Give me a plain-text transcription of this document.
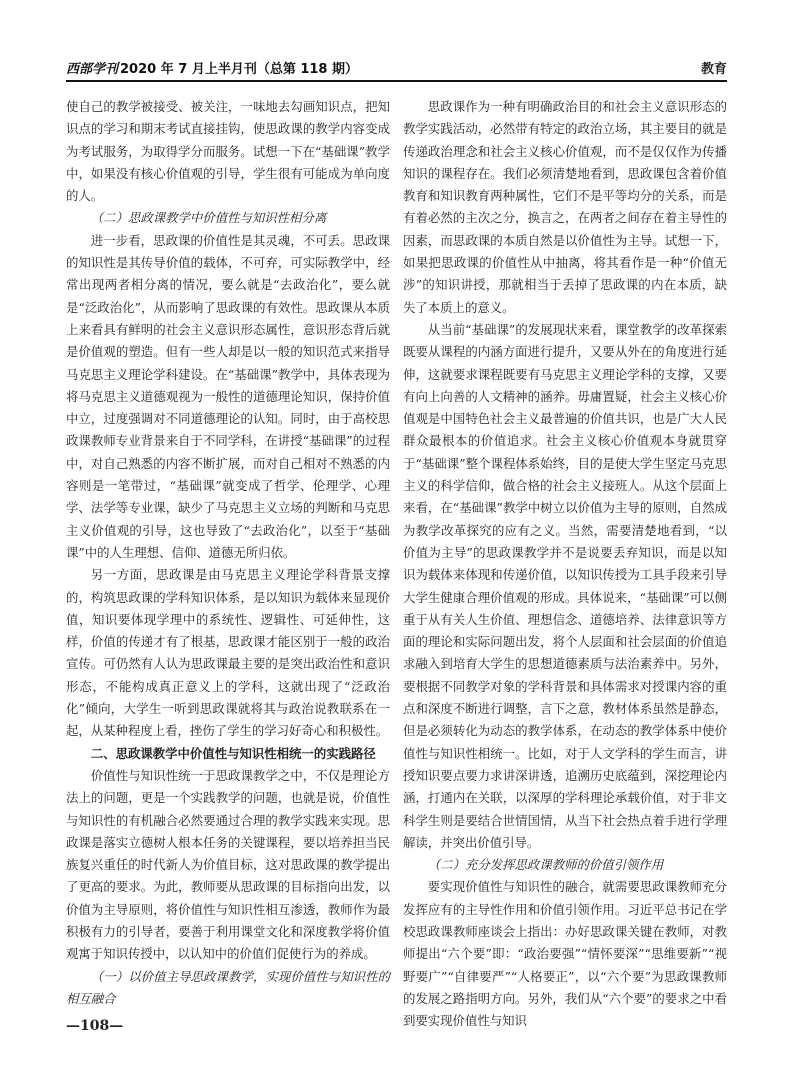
西部学刊 2020 年 7 月上半月刊（总第 118 期）	教育

使自己的教学被接受、被关注，一味地去勾画知识点，把知识点的学习和期末考试直接挂钩，使思政课的教学内容变成为考试服务，为取得学分而服务。试想一下在“基础课”教学中，如果没有核心价值观的引导，学生很有可能成为单向度的人。

（二）思政课教学中价值性与知识性相分离

进一步看，思政课的价值性是其灵魂，不可丢。思政课的知识性是其传导价值的载体，不可弃，可实际教学中，经常出现两者相分离的情况，要么就是“去政治化”，要么就是“泛政治化”，从而影响了思政课的有效性。思政课从本质上来看具有鲜明的社会主义意识形态属性，意识形态背后就是价值观的塑造。但有一些人却是以一般的知识范式来指导马克思主义理论学科建设。在“基础课”教学中，具体表现为将马克思主义道德观视为一般性的道德理论知识，保持价值中立，过度强调对不同道德理论的认知。同时，由于高校思政课教师专业背景来自于不同学科，在讲授“基础课”的过程中，对自己熟悉的内容不断扩展，而对自己相对不熟悉的内容则是一笔带过，“基础课”就变成了哲学、伦理学、心理学、法学等专业课，缺少了马克思主义立场的判断和马克思主义价值观的引导，这也导致了“去政治化”，以至于“基础课”中的人生理想、信仰、道德无所归依。

另一方面，思政课是由马克思主义理论学科背景支撑的，构筑思政课的学科知识体系，是以知识为载体来显现价值，知识要体现学理中的系统性、逻辑性、可延伸性，这样，价值的传递才有了根基，思政课才能区别于一般的政治宣传。可仍然有人认为思政课最主要的是突出政治性和意识形态，不能构成真正意义上的学科，这就出现了“泛政治化”倾向，大学生一听到思政课就将其与政治说教联系在一起，从某种程度上看，挫伤了学生的学习好奇心和积极性。

二、思政课教学中价值性与知识性相统一的实践路径

价值性与知识性统一于思政课教学之中，不仅是理论方法上的问题，更是一个实践教学的问题，也就是说，价值性与知识性的有机融合必然要通过合理的教学实践来实现。思政课是落实立德树人根本任务的关键课程，要以培养担当民族复兴重任的时代新人为价值目标，这对思政课的教学提出了更高的要求。为此，教师要从思政课的目标指向出发，以价值为主导原则，将价值性与知识性相互渗透，教师作为最积极有力的引导者，要善于利用课堂文化和深度教学将价值观寓于知识传授中，以认知中的价值们促使行为的养成。

（一）以价值主导思政课教学，实现价值性与知识性的相互融合

思政课作为一种有明确政治目的和社会主义意识形态的教学实践活动，必然带有特定的政治立场，其主要目的就是传递政治理念和社会主义核心价值观，而不是仅仅作为传播知识的课程存在。我们必须清楚地看到，思政课包含着价值教育和知识教育两种属性，它们不是平等均分的关系，而是有着必然的主次之分，换言之，在两者之间存在着主导性的因素，而思政课的本质自然是以价值性为主导。试想一下，如果把思政课的价值性从中抽离，将其看作是一种“价值无涉”的知识讲授，那就相当于丢掉了思政课的内在本质，缺失了本质上的意义。

从当前“基础课”的发展现状来看，课堂教学的改革探索既要从课程的内涵方面进行提升，又要从外在的角度进行延伸，这就要求课程既要有马克思主义理论学科的支撑，又要有向上向善的人文精神的涵养。毋庸置疑，社会主义核心价值观是中国特色社会主义最普遍的价值共识，也是广大人民群众最根本的价值追求。社会主义核心价值观本身就贯穿于“基础课”整个课程体系始终，目的是使大学生坚定马克思主义的科学信仰，做合格的社会主义接班人。从这个层面上来看，在“基础课”教学中树立以价值为主导的原则，自然成为教学改革探究的应有之义。当然，需要清楚地看到，“以价值为主导”的思政课教学并不是说要丢弃知识，而是以知识为载体来体现和传递价值，以知识传授为工具手段来引导大学生健康合理价值观的形成。具体说来，“基础课”可以侧重于从有关人生价值、理想信念、道德培养、法律意识等方面的理论和实际问题出发，将个人层面和社会层面的价值追求融入到培育大学生的思想道德素质与法治素养中。另外，要根据不同教学对象的学科背景和具体需求对授课内容的重点和深度不断进行调整，言下之意，教材体系虽然是静态，但是必须转化为动态的教学体系，在动态的教学体系中使价值性与知识性相统一。比如，对于人文学科的学生而言，讲授知识要点要力求讲深讲透，追溯历史底蕴到，深挖理论内涵，打通内在关联，以深厚的学科理论承载价值，对于非文科学生则是要结合世情国情，从当下社会热点着手进行学理解读，并突出价值引导。

（二）充分发挥思政课教师的价值引领作用

要实现价值性与知识性的融合，就需要思政课教师充分发挥应有的主导性作用和价值引领作用。习近平总书记在学校思政课教师座谈会上指出：办好思政课关键在教师，对教师提出“六个要”即：“政治要强”“情怀要深”“思维要新”“视野要广”“自律要严”“人格要正”，以“六个要”为思政课教师的发展之路指明方向。另外，我们从“六个要”的要求之中看到要实现价值性与知识

—108—
